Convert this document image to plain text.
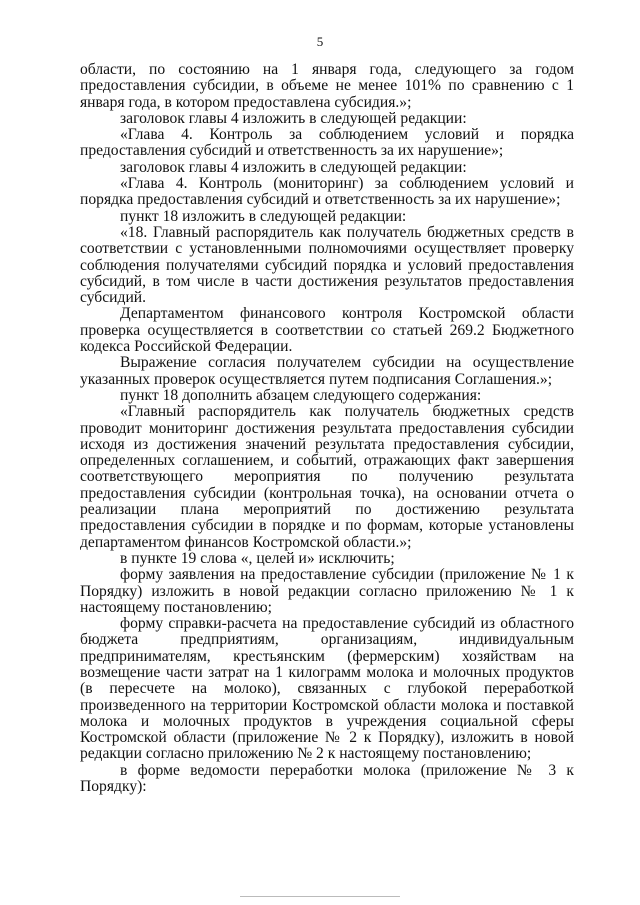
5

области, по состоянию на 1 января года, следующего за годом предоставления субсидии, в объеме не менее 101% по сравнению с 1 января года, в котором предоставлена субсидия.»;

заголовок главы 4 изложить в следующей редакции:

«Глава 4. Контроль за соблюдением условий и порядка предоставления субсидий и ответственность за их нарушение»;

заголовок главы 4 изложить в следующей редакции:

«Глава 4. Контроль (мониторинг) за соблюдением условий и порядка предоставления субсидий и ответственность за их нарушение»;

пункт 18 изложить в следующей редакции:

«18. Главный распорядитель как получатель бюджетных средств в соответствии с установленными полномочиями осуществляет проверку соблюдения получателями субсидий порядка и условий предоставления субсидий, в том числе в части достижения результатов предоставления субсидий.

Департаментом финансового контроля Костромской области проверка осуществляется в соответствии со статьей 269.2 Бюджетного кодекса Российской Федерации.

Выражение согласия получателем субсидии на осуществление указанных проверок осуществляется путем подписания Соглашения.»;

пункт 18 дополнить абзацем следующего содержания:

«Главный распорядитель как получатель бюджетных средств проводит мониторинг достижения результата предоставления субсидии исходя из достижения значений результата предоставления субсидии, определенных соглашением, и событий, отражающих факт завершения соответствующего мероприятия по получению результата предоставления субсидии (контрольная точка), на основании отчета о реализации плана мероприятий по достижению результата предоставления субсидии в порядке и по формам, которые установлены департаментом финансов Костромской области.»;

в пункте 19 слова «, целей и» исключить;

форму заявления на предоставление субсидии (приложение № 1 к Порядку) изложить в новой редакции согласно приложению № 1 к настоящему постановлению;

форму справки-расчета на предоставление субсидий из областного бюджета предприятиям, организациям, индивидуальным предпринимателям, крестьянским (фермерским) хозяйствам на возмещение части затрат на 1 килограмм молока и молочных продуктов (в пересчете на молоко), связанных с глубокой переработкой произведенного на территории Костромской области молока и поставкой молока и молочных продуктов в учреждения социальной сферы Костромской области (приложение № 2 к Порядку), изложить в новой редакции согласно приложению № 2 к настоящему постановлению;

в форме ведомости переработки молока (приложение № 3 к Порядку):
